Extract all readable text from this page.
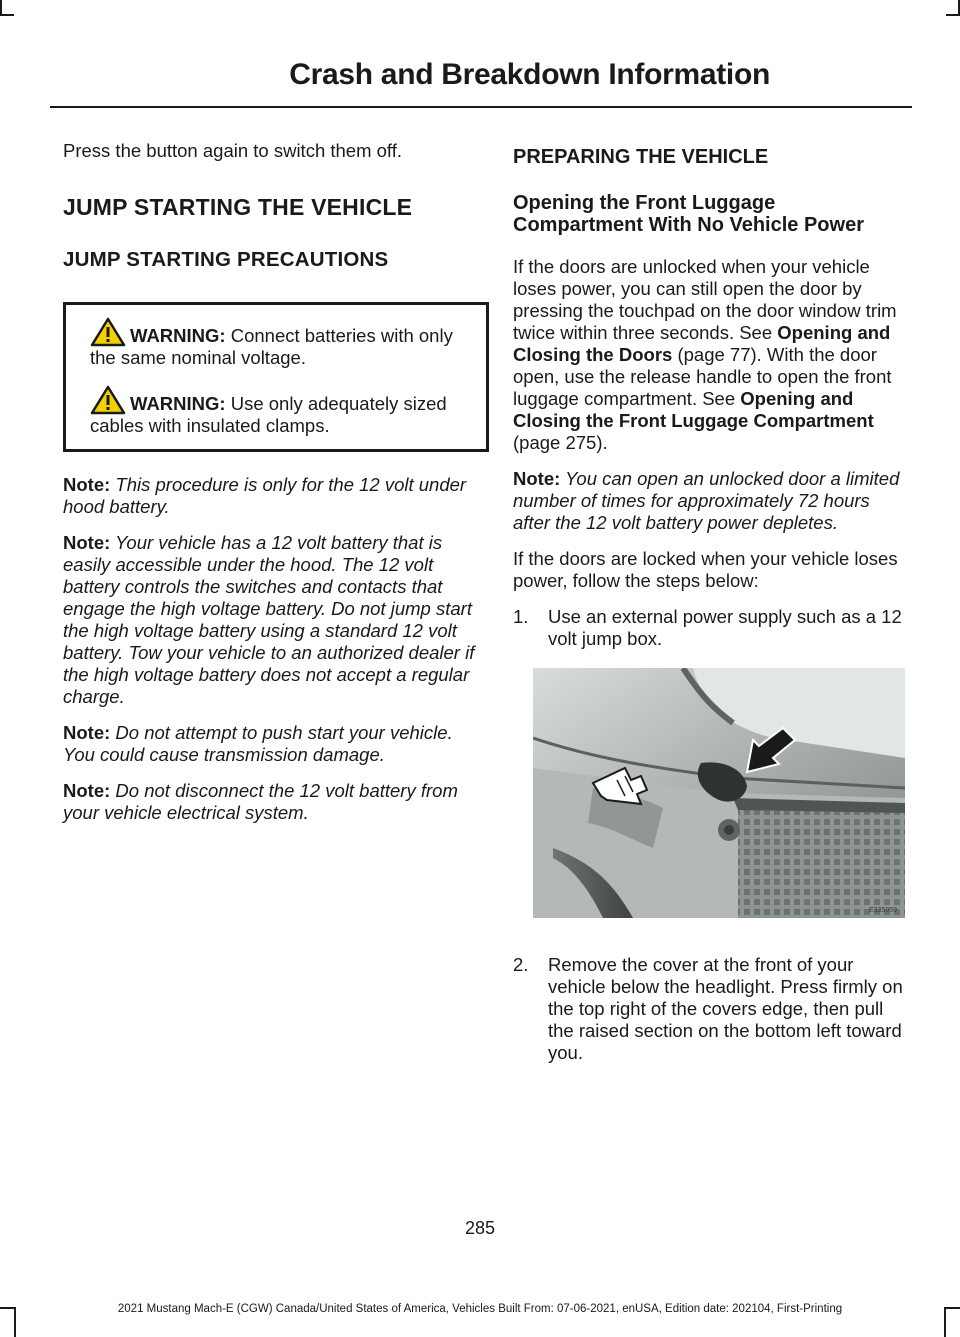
Crash and Breakdown Information

Press the button again to switch them off.

JUMP STARTING THE VEHICLE
JUMP STARTING PRECAUTIONS

WARNING: Connect batteries with only the same nominal voltage.

WARNING: Use only adequately sized cables with insulated clamps.

Note: This procedure is only for the 12 volt under hood battery.

Note: Your vehicle has a 12 volt battery that is easily accessible under the hood. The 12 volt battery controls the switches and contacts that engage the high voltage battery. Do not jump start the high voltage battery using a standard 12 volt battery. Tow your vehicle to an authorized dealer if the high voltage battery does not accept a regular charge.

Note: Do not attempt to push start your vehicle. You could cause transmission damage.

Note: Do not disconnect the 12 volt battery from your vehicle electrical system.

PREPARING THE VEHICLE
Opening the Front Luggage Compartment With No Vehicle Power

If the doors are unlocked when your vehicle loses power, you can still open the door by pressing the touchpad on the door window trim twice within three seconds. See Opening and Closing the Doors (page 77). With the door open, use the release handle to open the front luggage compartment. See Opening and Closing the Front Luggage Compartment (page 275).

Note: You can open an unlocked door a limited number of times for approximately 72 hours after the 12 volt battery power depletes.

If the doors are locked when your vehicle loses power, follow the steps below:

1. Use an external power supply such as a 12 volt jump box.
E335059
2. Remove the cover at the front of your vehicle below the headlight. Press firmly on the top right of the covers edge, then pull the raised section on the bottom left toward you.
285
2021 Mustang Mach-E (CGW) Canada/United States of America, Vehicles Built From: 07-06-2021, enUSA, Edition date: 202104, First-Printing
